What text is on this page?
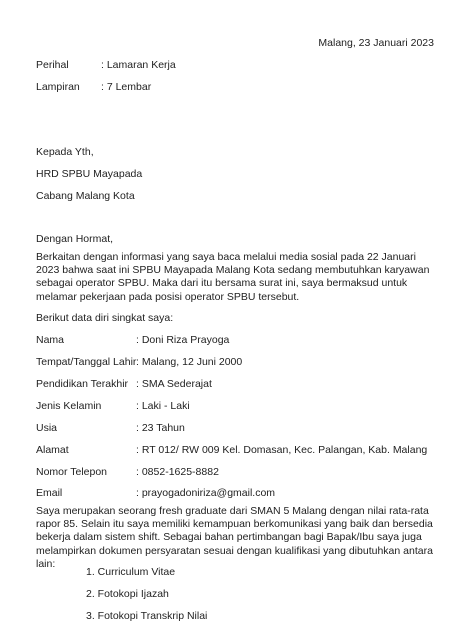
Malang, 23 Januari 2023
Perihal	: Lamaran Kerja
Lampiran : 7 Lembar
Kepada Yth,
HRD SPBU Mayapada
Cabang Malang Kota
Dengan Hormat,

Berkaitan dengan informasi yang saya baca melalui media sosial pada 22 Januari 2023 bahwa saat ini SPBU Mayapada Malang Kota sedang membutuhkan karyawan sebagai operator SPBU. Maka dari itu bersama surat ini, saya bermaksud untuk melamar pekerjaan pada posisi operator SPBU tersebut.

Berikut data diri singkat saya:
Nama	: Doni Riza Prayoga
Tempat/Tanggal Lahir: Malang, 12 Juni 2000
Pendidikan Terakhir : SMA Sederajat
Jenis Kelamin	: Laki - Laki
Usia	: 23 Tahun
Alamat	: RT 012/ RW 009 Kel. Domasan, Kec. Palangan, Kab. Malang
Nomor Telepon	: 0852-1625-8882
Email	: prayogadoniriza@gmail.com

Saya merupakan seorang fresh graduate dari SMAN 5 Malang dengan nilai rata-rata rapor 85. Selain itu saya memiliki kemampuan berkomunikasi yang baik dan bersedia bekerja dalam sistem shift. Sebagai bahan pertimbangan bagi Bapak/Ibu saya juga melampirkan dokumen persyaratan sesuai dengan kualifikasi yang dibutuhkan antara lain:

1. Curriculum Vitae
2. Fotokopi Ijazah
3. Fotokopi Transkrip Nilai
